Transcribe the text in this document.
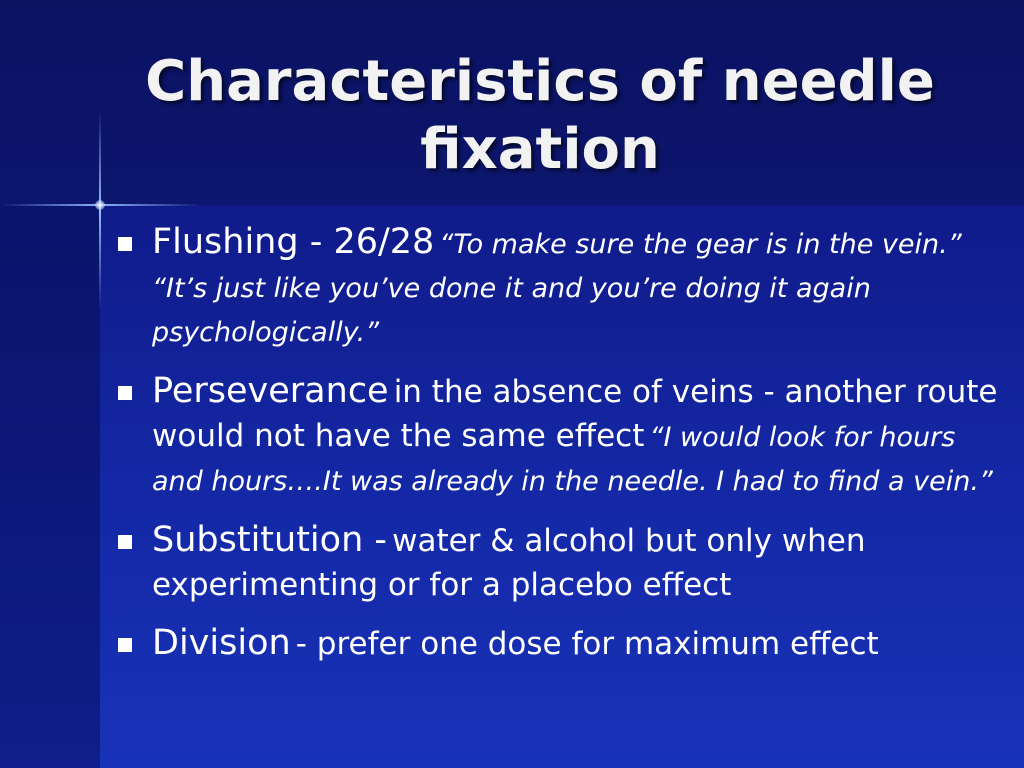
Characteristics of needle fixation
Flushing - 26/28 “To make sure the gear is in the vein.” “It’s just like you’ve done it and you’re doing it again psychologically.”
Perseverance in the absence of veins - another route would not have the same effect “I would look for hours and hours….It was already in the needle. I had to find a vein.”
Substitution - water & alcohol but only when experimenting or for a placebo effect
Division - prefer one dose for maximum effect
